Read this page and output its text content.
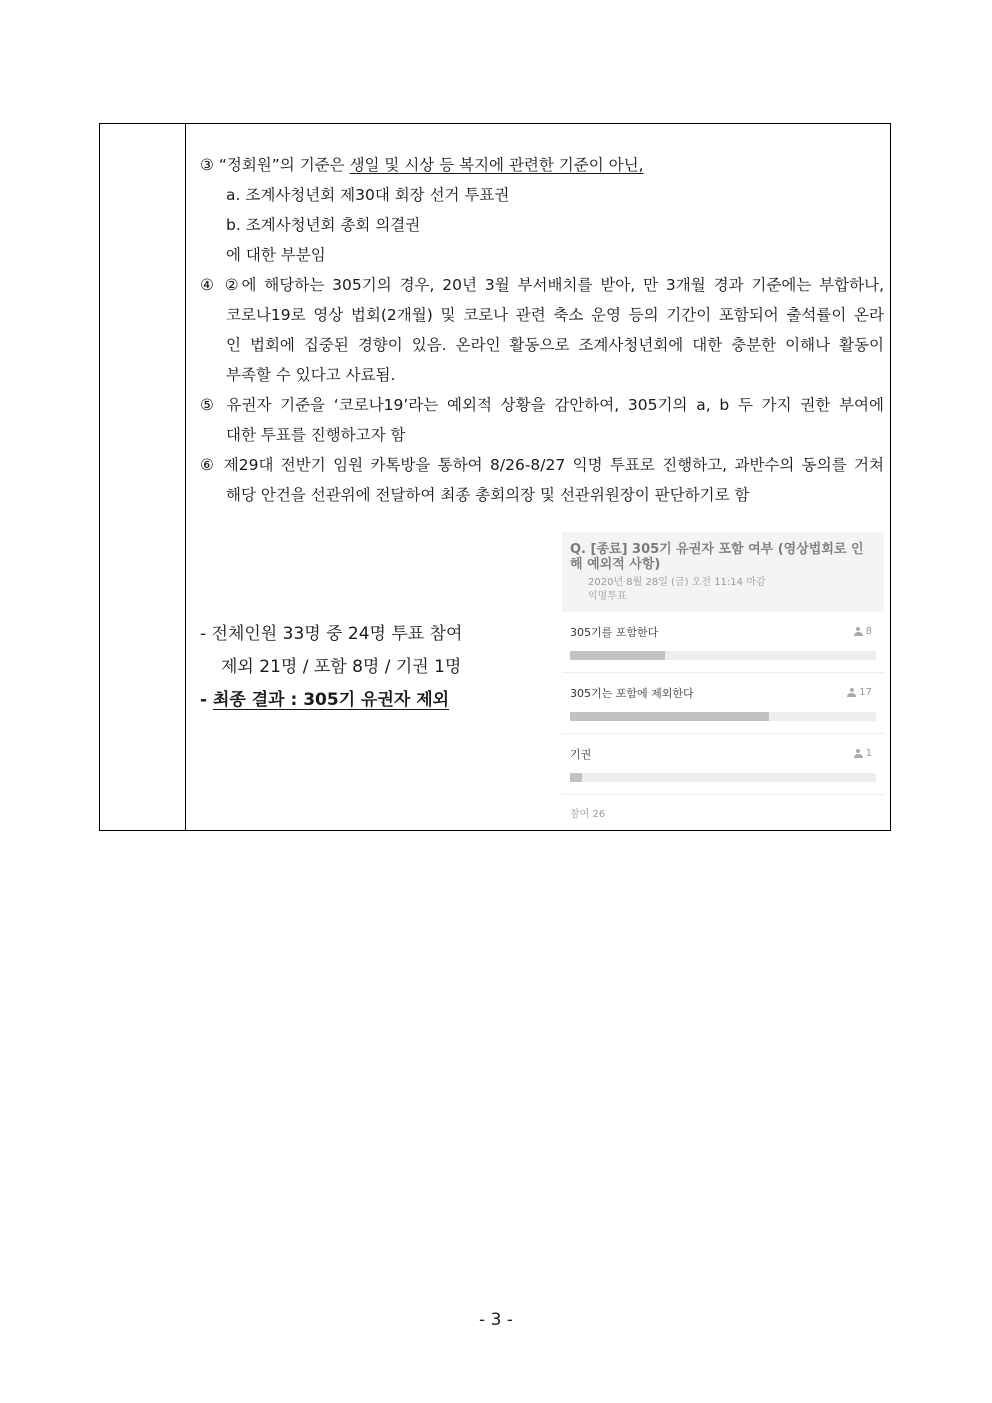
③ “정회원”의 기준은 생일 및 시상 등 복지에 관련한 기준이 아닌,
a. 조계사청년회 제30대 회장 선거 투표권
b. 조계사청년회 총회 의결권
에 대한 부분임
④ ②에 해당하는 305기의 경우, 20년 3월 부서배치를 받아, 만 3개월 경과 기준에는 부합하나,
코로나19로 영상 법회(2개월) 및 코로나 관련 축소 운영 등의 기간이 포함되어 출석률이 온라
인 법회에 집중된 경향이 있음. 온라인 활동으로 조계사청년회에 대한 충분한 이해나 활동이
부족할 수 있다고 사료됨.
⑤ 유권자 기준을 ‘코로나19’라는 예외적 상황을 감안하여, 305기의 a, b 두 가지 권한 부여에
대한 투표를 진행하고자 함
⑥ 제29대 전반기 임원 카톡방을 통하여 8/26-8/27 익명 투표로 진행하고, 과반수의 동의를 거쳐
해당 안건을 선관위에 전달하여 최종 총회의장 및 선관위원장이 판단하기로 함
- 전체인원 33명 중 24명 투표 참여
제외 21명 / 포함 8명 / 기권 1명
- 최종 결과 : 305기 유권자 제외
Q. [종료] 305기 유권자 포함 여부 (영상법회로 인해 예외적 사항)
2020년 8월 28일 (금) 오전 11:14 마감
익명투표
305기를 포함한다	8
305기는 포함에 제외한다	17
기권	1
참여 26
- 3 -
